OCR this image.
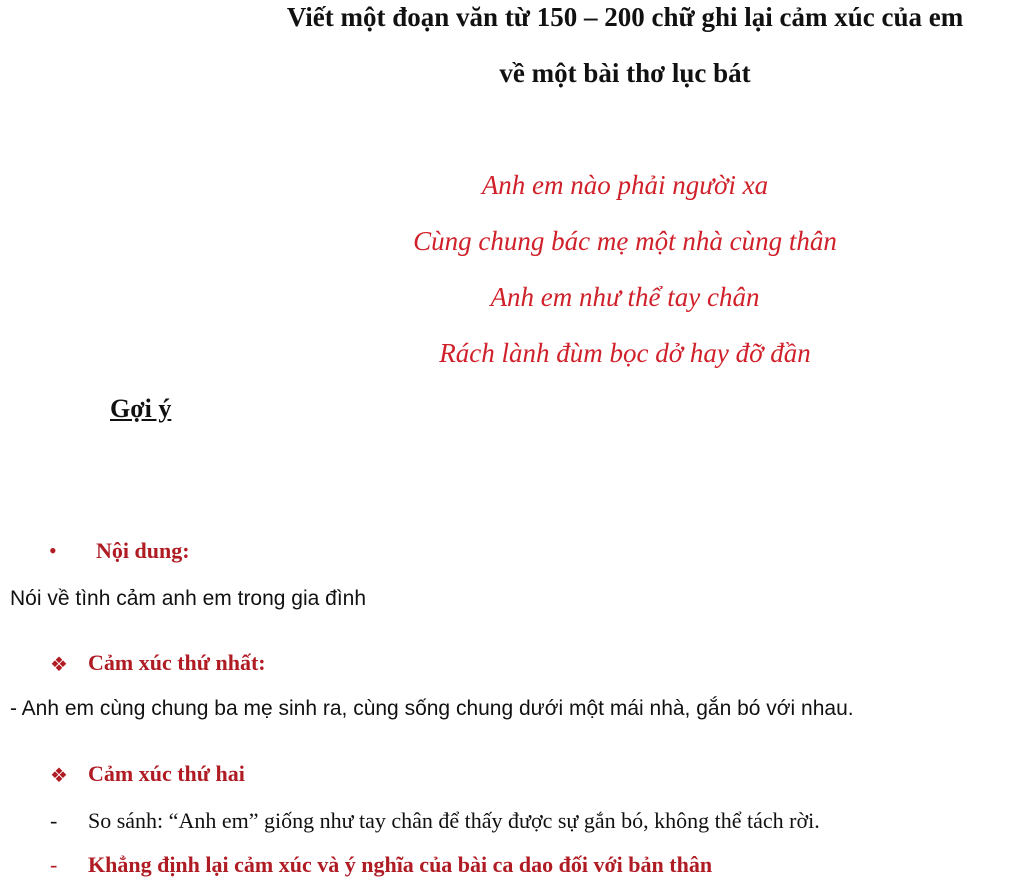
Viết một đoạn văn từ 150 – 200 chữ ghi lại cảm xúc của em
về một bài thơ lục bát
Anh em nào phải người xa
Cùng chung bác mẹ một nhà cùng thân
Anh em như thể tay chân
Rách lành đùm bọc dở hay đỡ đần
Gợi ý
• Nội dung:
Nói về tình cảm anh em trong gia đình
❖ Cảm xúc thứ nhất:
- Anh em cùng chung ba mẹ sinh ra, cùng sống chung dưới một mái nhà, gắn bó với nhau.
❖ Cảm xúc thứ hai
- So sánh: “Anh em” giống như tay chân để thấy được sự gắn bó, không thể tách rời.
- Khẳng định lại cảm xúc và ý nghĩa của bài ca dao đối với bản thân
